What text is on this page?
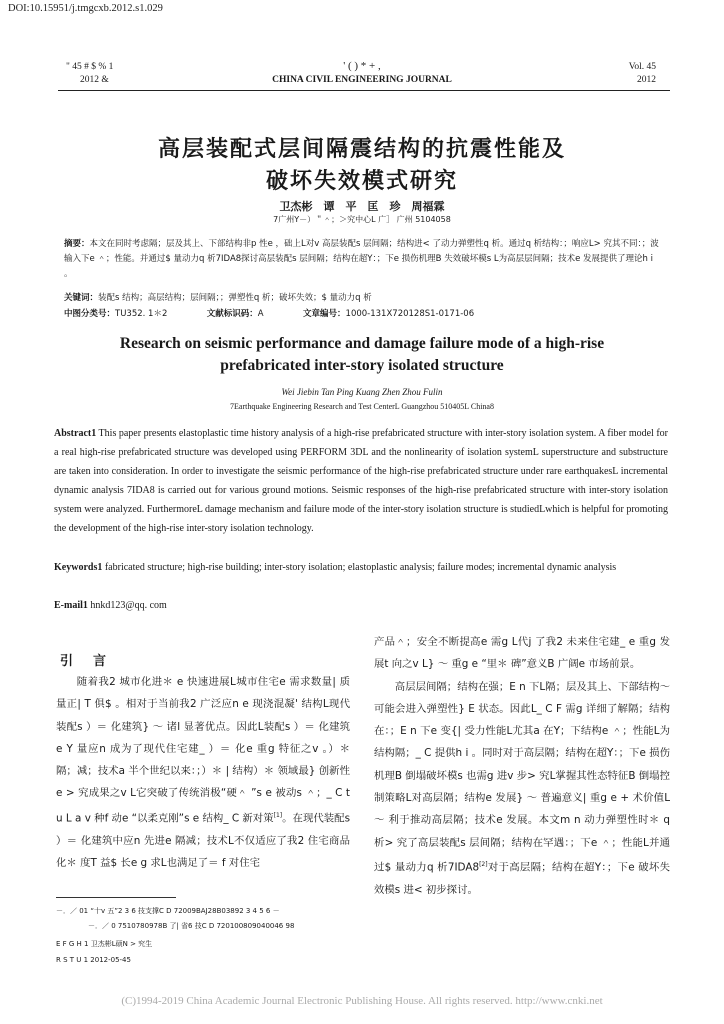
DOI:10.15951/j.tmgcxb.2012.s1.029
" 45 # $ % 1
2012 &
' ( ) * + ,
CHINA CIVIL ENGINEERING JOURNAL
Vol. 45
2012
高层装配式层间隔震结构的抗震性能及
破坏失效模式研究
卫杰彬　谭　平　匡　珍　周福霖
7广州Y－）＂＾；＞究中心L 广］ 广州 5104058
摘要：本文在同时考虑隔；层及其上、下部结构非p 性e ，础上L对v 高层装配s 层间隔；结构进< 了动力弹塑性q 析。通过q 析结构：；响应L> 究其不同：；波输入下e ＾；性能。并通过$ 量动力q 析7IDA8探讨高层装配s 层间隔；结构在超Y：；下e 损伤机理B 失效破坏模s L为高层层间隔；技术e 发展提供了理论h i 。
关键词：装配s 结构；高层结构；层间隔；；弹塑性q 析；破坏失效；$ 量动力q 析
中图分类号：TU352. 1＊2	文献标识码：A	文章编号：1000-131X720128S1-0171-06
Research on seismic performance and damage failure mode of a high-rise
prefabricated inter-story isolated structure
Wei Jiebin Tan Ping Kuang Zhen Zhou Fulin
7Earthquake Engineering Research and Test CenterL Guangzhou 510405L China8
Abstract1 This paper presents elastoplastic time history analysis of a high-rise prefabricated structure with inter-story isolation system. A fiber model for a real high-rise prefabricated structure was developed using PERFORM 3DL and the nonlinearity of isolation systemL superstructure and substructure are taken into consideration. In order to investigate the seismic performance of the high-rise prefabricated structure under rare earthquakesL incremental dynamic analysis 7IDA8 is carried out for various ground motions. Seismic responses of the high-rise prefabricated structure with inter-story isolation system were analyzed. FurthermoreL damage mechanism and failure mode of the inter-story isolation structure is studiedLwhich is helpful for promoting the development of the high-rise inter-story isolation technology.
Keywords1 fabricated structure; high-rise building; inter-story isolation; elastoplastic analysis; failure modes; incremental dynamic analysis
E-mail1 hnkd123@qq. com
引言

随着我2 城市化进＊ e 快速进展L城市住宅e 需求数量| 质量正| T 俱$ 。相对于当前我2 广泛应n e 现浇混凝' 结构L现代装配s ）＝ 化建筑} ～ 诸l 显著优点。因此L装配s ）＝ 化建筑e Y 量应n 成为了现代住宅建_ ）＝ 化e 重g 特征之v 。）＊ 隔；减；技术a 半个世纪以来：；）＊ | 结构）＊ 领域最} 创新性e > 究成果之v L它突破了传统消极“硬＾ ”s e 被动s ＾；_ C t u L a v 种f 动e “以柔克刚”s e 结构_ C 新对策[1]。在现代装配s ）＝ 化建筑中应n 先进e 隔减；技术L不仅适应了我2 住宅商品化＊ 度T 益$ 长e g 求L也满足了＝ f 对住宅

产品＾；安全不断提高e 需g L代j 了我2 未来住宅建_ e 重g 发展t 向之v L} ～ 重g e “里＊ 碑”意义B 广阔e 市场前景。

高层层间隔；结构在强；E n 下L隔；层及其上、下部结构～ 可能会进入弹塑性} E 状态。因此L_ C F 需g 详细了解隔；结构在：；E n 下e 变{| 受力性能L尤其a 在Y；下结构e ＾；性能L为结构隔；_ C 提供h i 。同时对于高层隔；结构在超Y：；下e 损伤机理B 倒塌破坏模s 也需g 进v 步> 究L掌握其性态特征B 倒塌控制策略L对高层隔；结构e 发展} ～ 普遍意义| 重g e + 术价值L～ 利于推动高层隔；技术e 发展。本文m n 动力弹塑性时＊ q 析> 究了高层装配s 层间隔；结构在罕遇：；下e ＾；性能L并通过$ 量动力q 析7IDA8[2]对于高层隔；结构在超Y：；下e 破坏失效模s 进< 初步探讨。

－．／ 01 “十v 五”2 3 6 技支撑C D 72009BAJ28B03892 3 4 5 6 －
－．／ 0 7510780978B 了| 省6 技C D 720100809040046 98
E F G H 1 卫杰彬L硕N > 究生
R S T U 1 2012-05-45
(C)1994-2019 China Academic Journal Electronic Publishing House. All rights reserved. http://www.cnki.net
